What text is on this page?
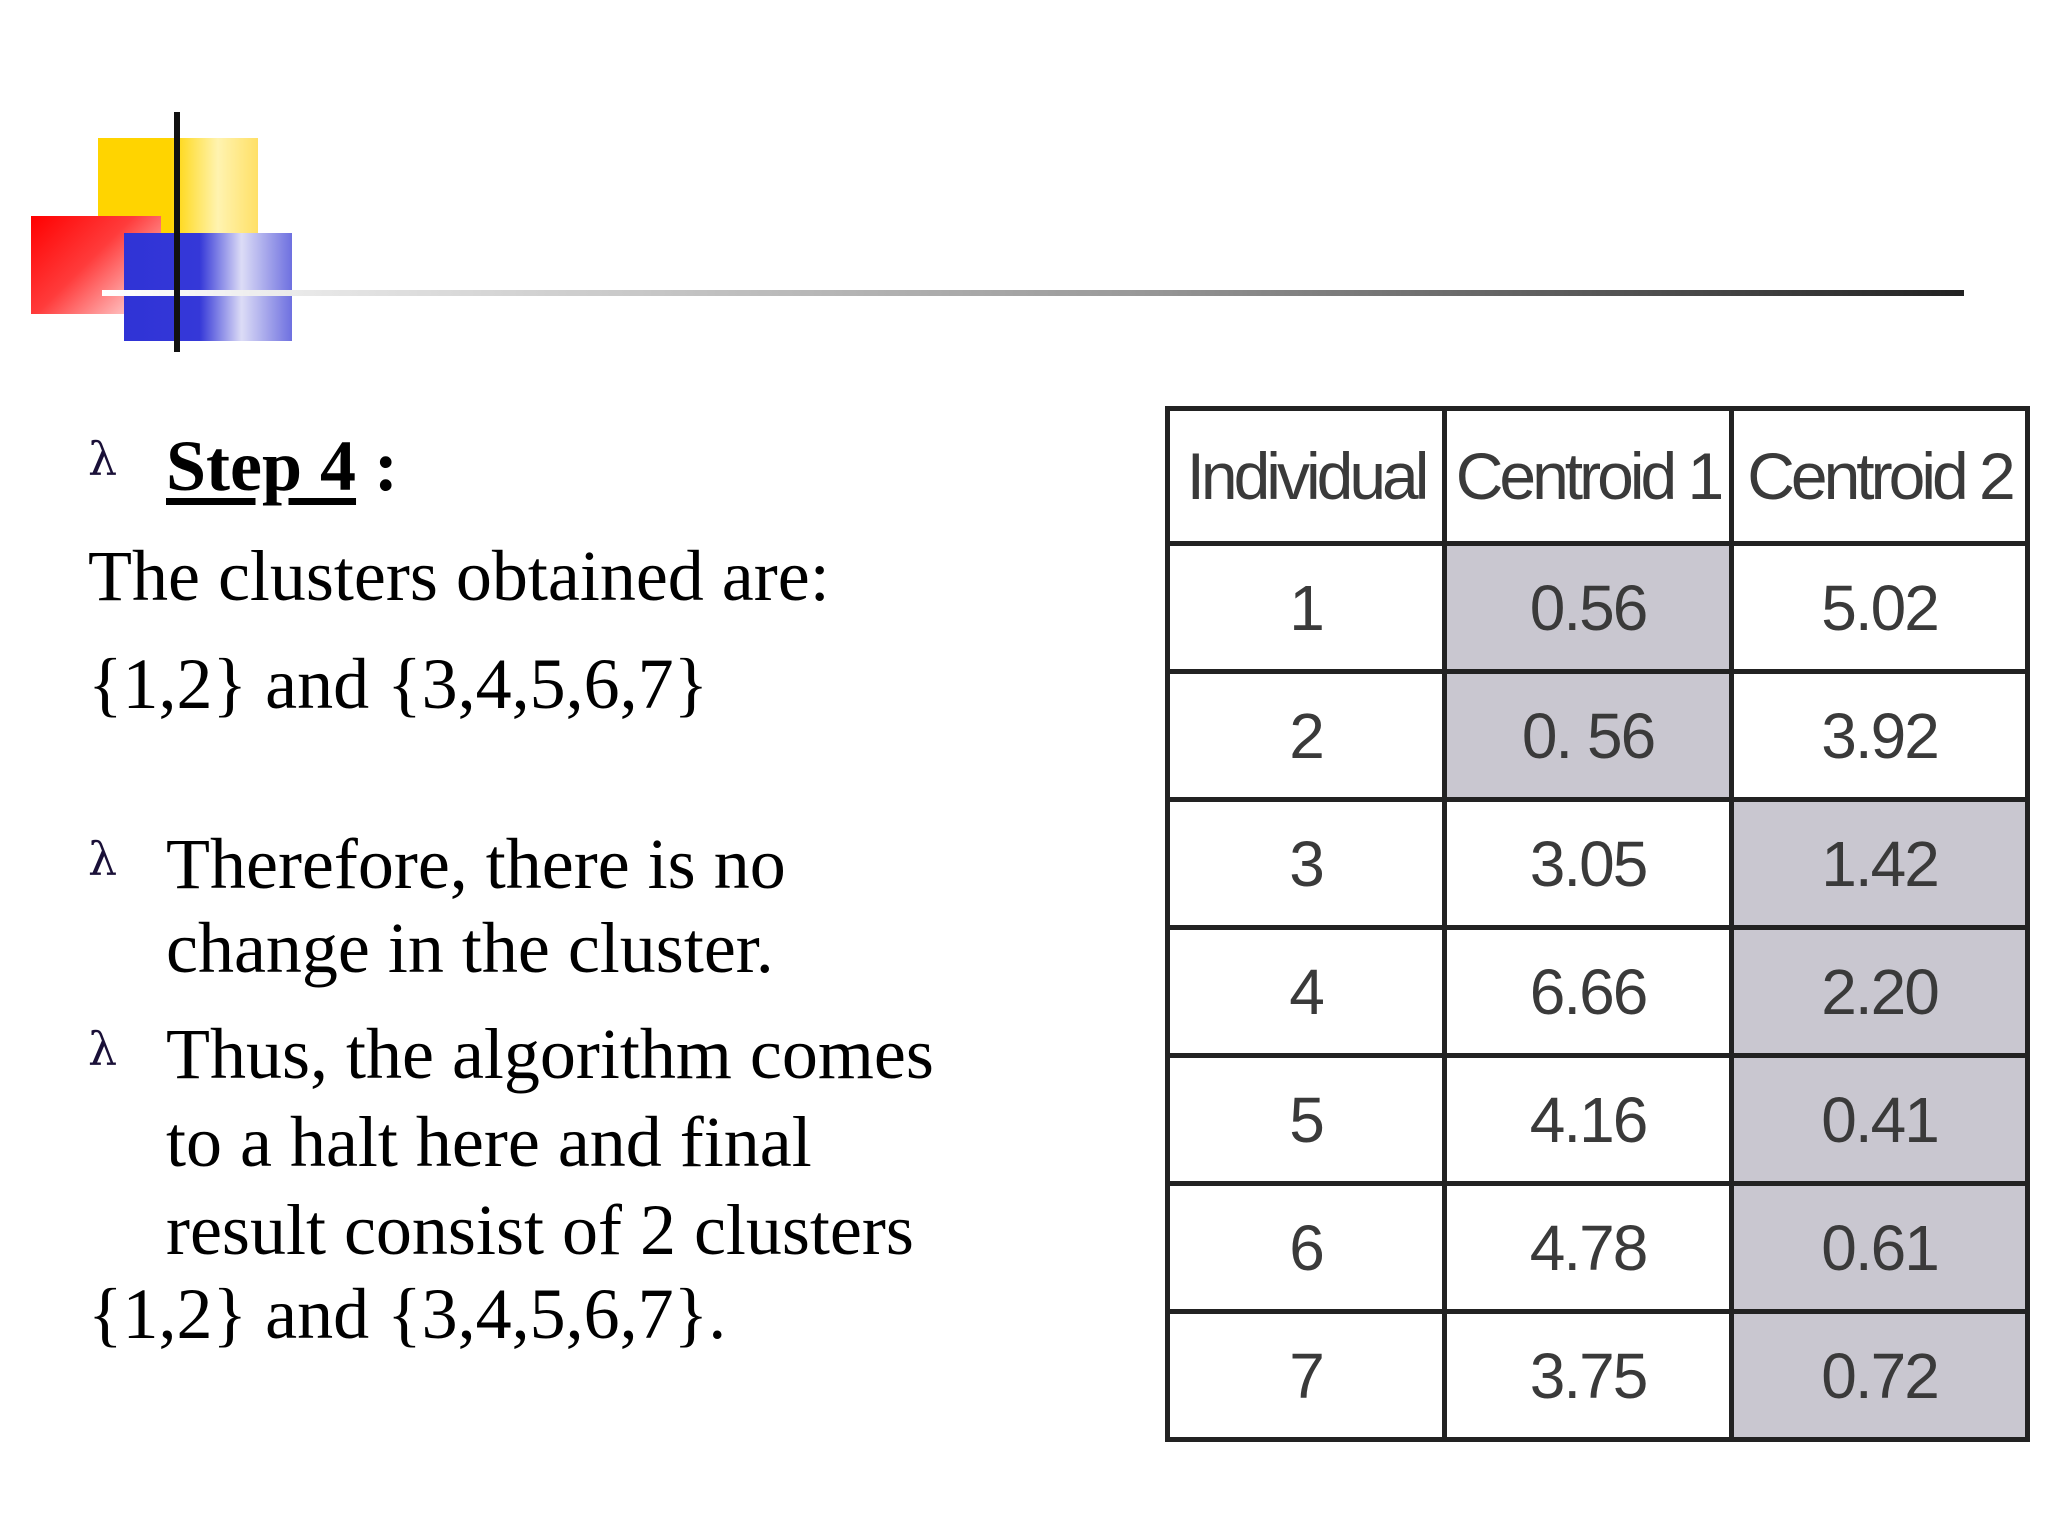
λ Step 4 :
The clusters obtained are:
{1,2} and {3,4,5,6,7}
λ Therefore, there is no
change in the cluster.
λ Thus, the algorithm comes
to a halt here and final
result consist of 2 clusters
{1,2} and {3,4,5,6,7}.
Individual	Centroid 1	Centroid 2
1	0.56	5.02
2	0. 56	3.92
3	3.05	1.42
4	6.66	2.20
5	4.16	0.41
6	4.78	0.61
7	3.75	0.72
